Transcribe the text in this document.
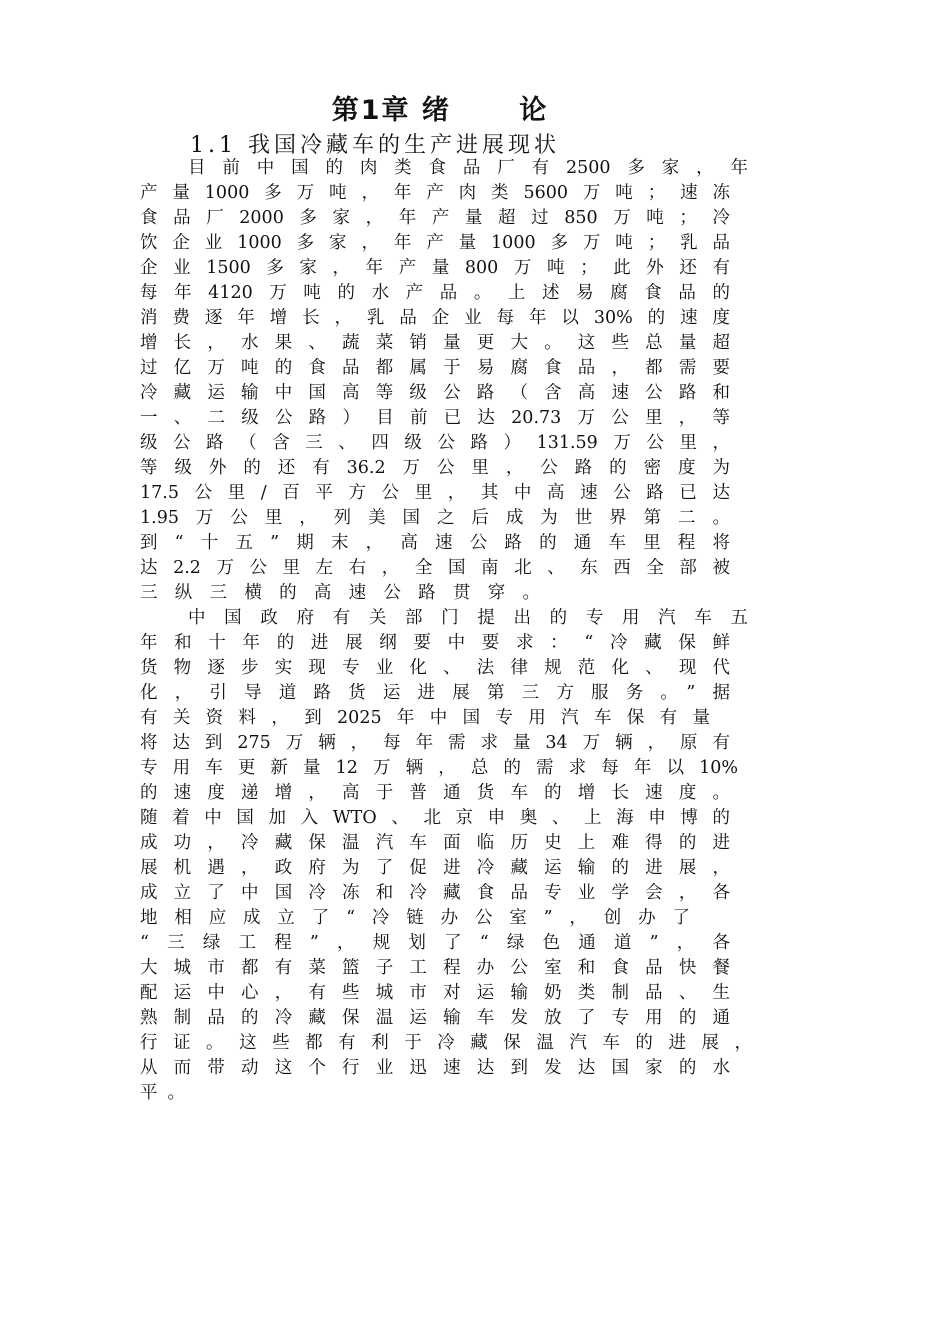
第1章 绪      论
1.1 我国冷藏车的生产进展现状
目前中国的肉类食品厂有2500多家，年
产量1000多万吨，年产肉类5600万吨；速冻
食品厂2000多家，年产量超过850万吨；冷
饮企业1000多家，年产量1000多万吨；乳品
企业1500多家，年产量800万吨；此外还有
每年4120万吨的水产品。上述易腐食品的
消费逐年增长，乳品企业每年以30%的速度
增长，水果、蔬菜销量更大。这些总量超
过亿万吨的食品都属于易腐食品，都需要
冷藏运输中国高等级公路（含高速公路和
一、二级公路）目前已达20.73万公里，等
级公路（含三、四级公路）131.59万公里，
等级外的还有36.2万公里，公路的密度为
17.5公里/百平方公里，其中高速公路已达
1.95万公里，列美国之后成为世界第二。
到“十五”期末，高速公路的通车里程将
达2.2万公里左右，全国南北、东西全部被
三纵三横的高速公路贯穿。
中国政府有关部门提出的专用汽车五
年和十年的进展纲要中要求：“冷藏保鲜
货物逐步实现专业化、法律规范化、现代
化，引导道路货运进展第三方服务。”据
有关资料，到2025年中国专用汽车保有量
将达到275万辆，每年需求量34万辆，原有
专用车更新量12万辆，总的需求每年以10%
的速度递增，高于普通货车的增长速度。
随着中国加入WTO、北京申奥、上海申博的
成功，冷藏保温汽车面临历史上难得的进
展机遇，政府为了促进冷藏运输的进展，
成立了中国冷冻和冷藏食品专业学会，各
地相应成立了“冷链办公室”，创办了
“三绿工程”，规划了“绿色通道”，各
大城市都有菜篮子工程办公室和食品快餐
配运中心，有些城市对运输奶类制品、生
熟制品的冷藏保温运输车发放了专用的通
行证。这些都有利于冷藏保温汽车的进展，
从而带动这个行业迅速达到发达国家的水
平。
